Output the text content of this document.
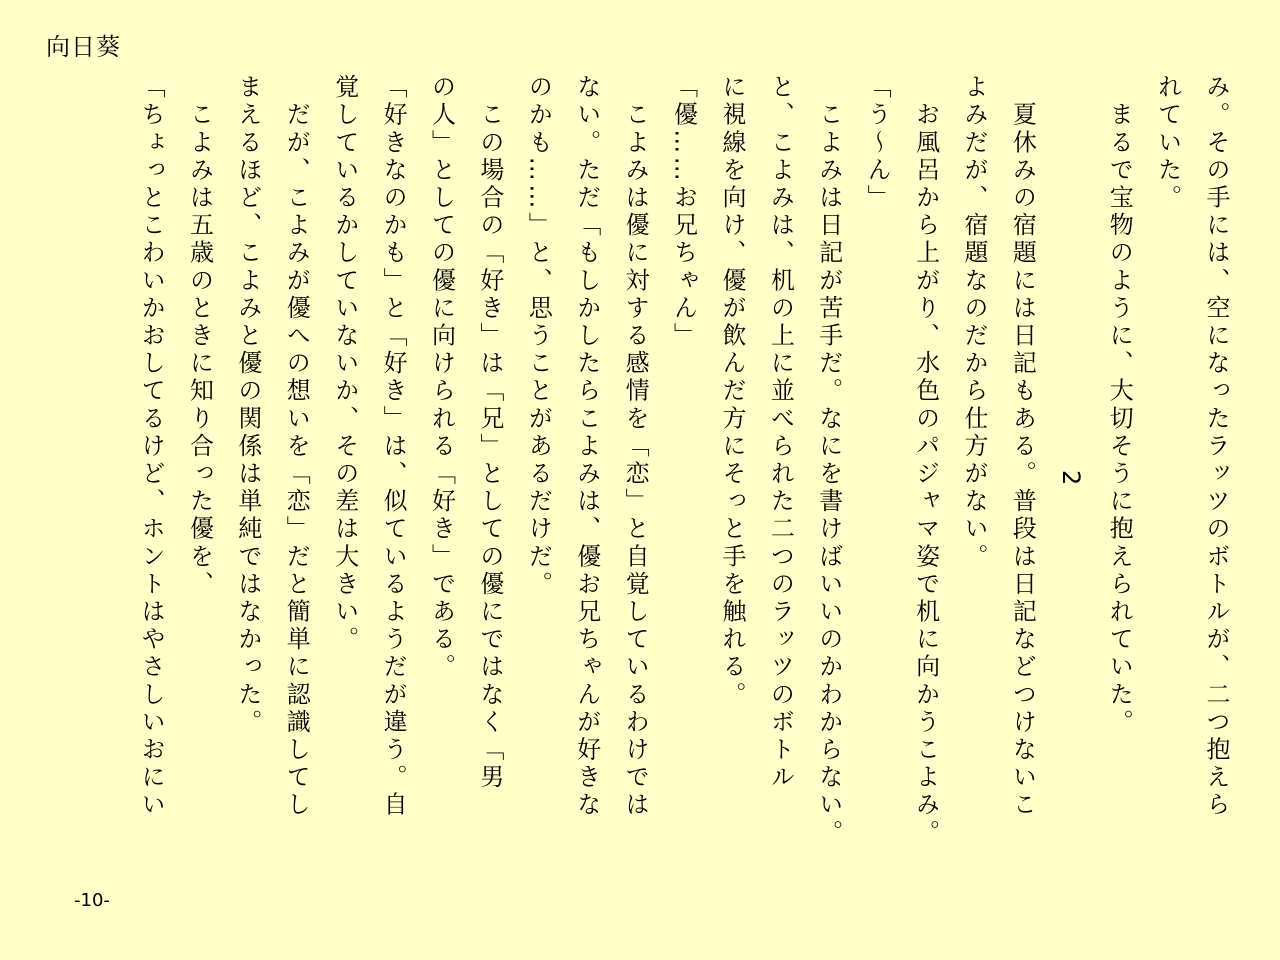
向日葵

み。その手には、空になったラッツのボトルが、二つ抱えら

れていた。

　まるで宝物のように、大切そうに抱えられていた。

2

　夏休みの宿題には日記もある。普段は日記などつけないこ

よみだが、宿題なのだから仕方がない。

　お風呂から上がり、水色のパジャマ姿で机に向かうこよみ。

「う～ん」

　こよみは日記が苦手だ。なにを書けばいいのかわからない。

と、こよみは、机の上に並べられた二つのラッツのボトル

に視線を向け、優が飲んだ方にそっと手を触れる。

「優……お兄ちゃん」

　こよみは優に対する感情を「恋」と自覚しているわけでは

ない。ただ「もしかしたらこよみは、優お兄ちゃんが好きな

のかも……」と、思うことがあるだけだ。

　この場合の「好き」は「兄」としての優にではなく「男

の人」としての優に向けられる「好き」である。

「好きなのかも」と「好き」は、似ているようだが違う。自

覚しているかしていないか、その差は大きい。

　だが、こよみが優への想いを「恋」だと簡単に認識してし

まえるほど、こよみと優の関係は単純ではなかった。

　こよみは五歳のときに知り合った優を、

「ちょっとこわいかおしてるけど、ホントはやさしいおにい

-10-
